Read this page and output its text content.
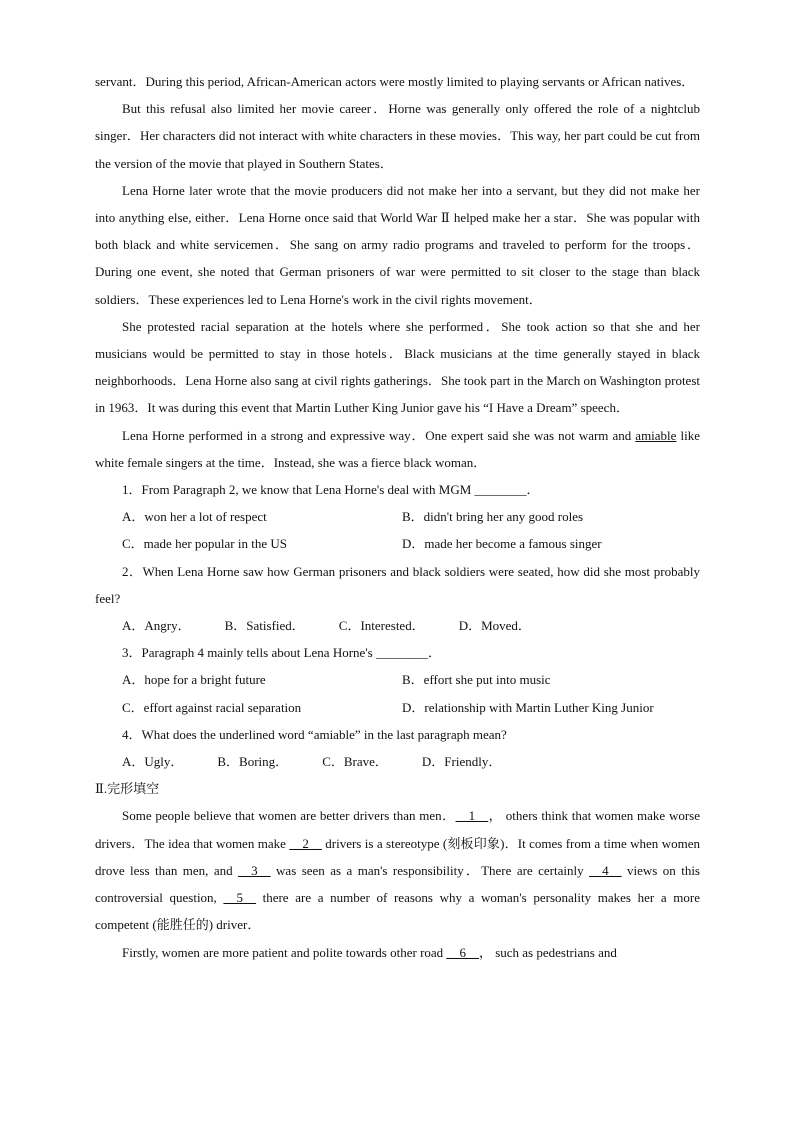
servant．During this period, African-American actors were mostly limited to playing servants or African natives．

But this refusal also limited her movie career．Horne was generally only offered the role of a nightclub singer．Her characters did not interact with white characters in these movies．This way, her part could be cut from the version of the movie that played in Southern States．

Lena Horne later wrote that the movie producers did not make her into a servant, but they did not make her into anything else, either．Lena Horne once said that World War Ⅱ helped make her a star．She was popular with both black and white servicemen．She sang on army radio programs and traveled to perform for the troops．During one event, she noted that German prisoners of war were permitted to sit closer to the stage than black soldiers．These experiences led to Lena Horne's work in the civil rights movement．

She protested racial separation at the hotels where she performed．She took action so that she and her musicians would be permitted to stay in those hotels．Black musicians at the time generally stayed in black neighborhoods．Lena Horne also sang at civil rights gatherings．She took part in the March on Washington protest in 1963．It was during this event that Martin Luther King Junior gave his “I Have a Dream” speech．

Lena Horne performed in a strong and expressive way．One expert said she was not warm and amiable like white female singers at the time．Instead, she was a fierce black woman．

1．From Paragraph 2, we know that Lena Horne's deal with MGM ________．

A．won her a lot of respect	B．didn't bring her any good roles
C．made her popular in the US	D．made her become a famous singer

2．When Lena Horne saw how German prisoners and black soldiers were seated, how did she most probably feel?

A．Angry．	B．Satisfied．	C．Interested．	D．Moved．

3．Paragraph 4 mainly tells about Lena Horne's ________．

A．hope for a bright future	B．effort she put into music
C．effort against racial separation	D．relationship with Martin Luther King Junior

4．What does the underlined word “amiable” in the last paragraph mean?

A．Ugly．	B．Boring．	C．Brave．	D．Friendly．

Ⅱ.完形填空

Some people believe that women are better drivers than men．__1__， others think that women make worse drivers．The idea that women make __2__ drivers is a stereotype (刻板印象)．It comes from a time when women drove less than men, and __3__ was seen as a man's responsibility．There are certainly __4__ views on this controversial question, __5__ there are a number of reasons why a woman's personality makes her a more competent (能胜任的) driver．

Firstly, women are more patient and polite towards other road __6__， such as pedestrians and
